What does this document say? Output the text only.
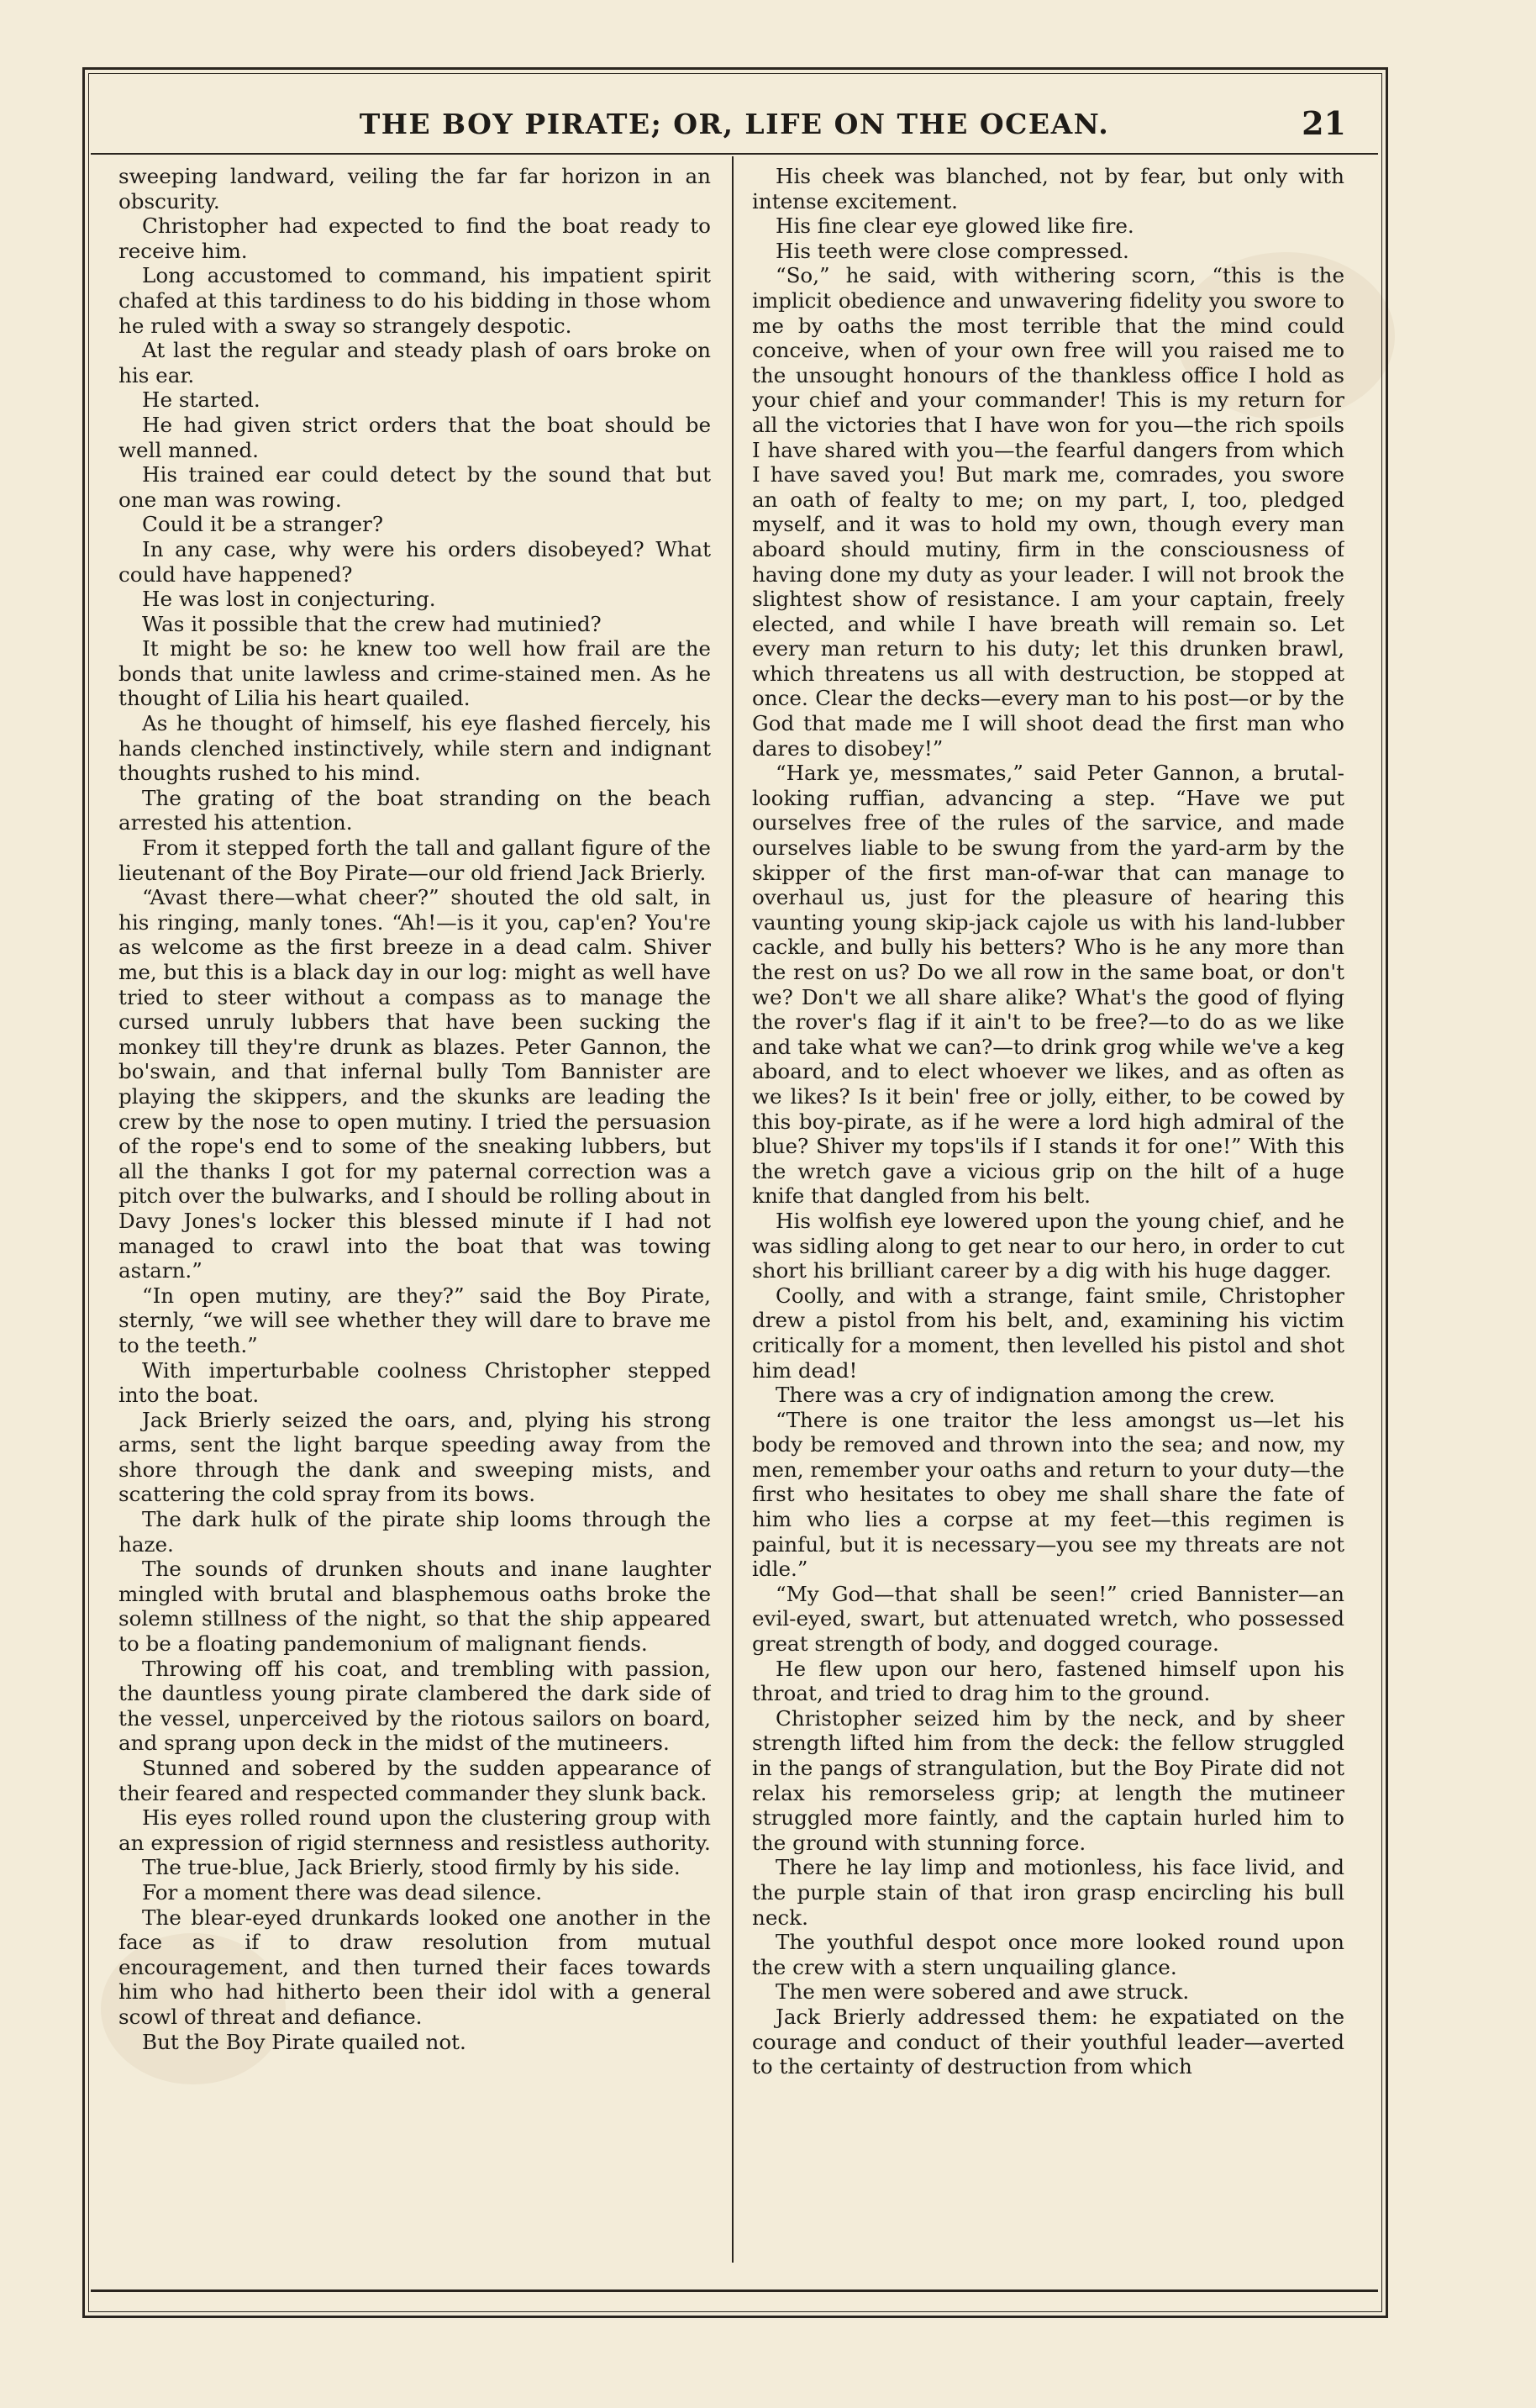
THE BOY PIRATE; OR, LIFE ON THE OCEAN.	21

sweeping landward, veiling the far far horizon in an obscurity.

Christopher had expected to find the boat ready to receive him.

Long accustomed to command, his impatient spirit chafed at this tardiness to do his bidding in those whom he ruled with a sway so strangely despotic.

At last the regular and steady plash of oars broke on his ear.

He started.

He had given strict orders that the boat should be well manned.

His trained ear could detect by the sound that but one man was rowing.

Could it be a stranger?

In any case, why were his orders disobeyed? What could have happened?

He was lost in conjecturing.

Was it possible that the crew had mutinied?

It might be so: he knew too well how frail are the bonds that unite lawless and crime-stained men. As he thought of Lilia his heart quailed.

As he thought of himself, his eye flashed fiercely, his hands clenched instinctively, while stern and indignant thoughts rushed to his mind.

The grating of the boat stranding on the beach arrested his attention.

From it stepped forth the tall and gallant figure of the lieutenant of the Boy Pirate—our old friend Jack Brierly.

“Avast there—what cheer?” shouted the old salt, in his ringing, manly tones. “Ah!—is it you, cap'en? You're as welcome as the first breeze in a dead calm. Shiver me, but this is a black day in our log: might as well have tried to steer without a compass as to manage the cursed unruly lubbers that have been sucking the monkey till they're drunk as blazes. Peter Gannon, the bo'swain, and that infernal bully Tom Bannister are playing the skippers, and the skunks are leading the crew by the nose to open mutiny. I tried the persuasion of the rope's end to some of the sneaking lubbers, but all the thanks I got for my paternal correction was a pitch over the bulwarks, and I should be rolling about in Davy Jones's locker this blessed minute if I had not managed to crawl into the boat that was towing astarn.”

“In open mutiny, are they?” said the Boy Pirate, sternly, “we will see whether they will dare to brave me to the teeth.”

With imperturbable coolness Christopher stepped into the boat.

Jack Brierly seized the oars, and, plying his strong arms, sent the light barque speeding away from the shore through the dank and sweeping mists, and scattering the cold spray from its bows.

The dark hulk of the pirate ship looms through the haze.

The sounds of drunken shouts and inane laughter mingled with brutal and blasphemous oaths broke the solemn stillness of the night, so that the ship appeared to be a floating pandemonium of malignant fiends.

Throwing off his coat, and trembling with passion, the dauntless young pirate clambered the dark side of the vessel, unperceived by the riotous sailors on board, and sprang upon deck in the midst of the mutineers.

Stunned and sobered by the sudden appearance of their feared and respected commander they slunk back.

His eyes rolled round upon the clustering group with an expression of rigid sternness and resistless authority.

The true-blue, Jack Brierly, stood firmly by his side.

For a moment there was dead silence.

The blear-eyed drunkards looked one another in the face as if to draw resolution from mutual encouragement, and then turned their faces towards him who had hitherto been their idol with a general scowl of threat and defiance.

But the Boy Pirate quailed not.

His cheek was blanched, not by fear, but only with intense excitement.

His fine clear eye glowed like fire.

His teeth were close compressed.

“So,” he said, with withering scorn, “this is the implicit obedience and unwavering fidelity you swore to me by oaths the most terrible that the mind could conceive, when of your own free will you raised me to the unsought honours of the thankless office I hold as your chief and your commander! This is my return for all the victories that I have won for you—the rich spoils I have shared with you—the fearful dangers from which I have saved you! But mark me, comrades, you swore an oath of fealty to me; on my part, I, too, pledged myself, and it was to hold my own, though every man aboard should mutiny, firm in the consciousness of having done my duty as your leader. I will not brook the slightest show of resistance. I am your captain, freely elected, and while I have breath will remain so. Let every man return to his duty; let this drunken brawl, which threatens us all with destruction, be stopped at once. Clear the decks—every man to his post—or by the God that made me I will shoot dead the first man who dares to disobey!”

“Hark ye, messmates,” said Peter Gannon, a brutal-looking ruffian, advancing a step. “Have we put ourselves free of the rules of the sarvice, and made ourselves liable to be swung from the yard-arm by the skipper of the first man-of-war that can manage to overhaul us, just for the pleasure of hearing this vaunting young skip-jack cajole us with his land-lubber cackle, and bully his betters? Who is he any more than the rest on us? Do we all row in the same boat, or don't we? Don't we all share alike? What's the good of flying the rover's flag if it ain't to be free?—to do as we like and take what we can?—to drink grog while we've a keg aboard, and to elect whoever we likes, and as often as we likes? Is it bein' free or jolly, either, to be cowed by this boy-pirate, as if he were a lord high admiral of the blue? Shiver my tops'ils if I stands it for one!” With this the wretch gave a vicious grip on the hilt of a huge knife that dangled from his belt.

His wolfish eye lowered upon the young chief, and he was sidling along to get near to our hero, in order to cut short his brilliant career by a dig with his huge dagger.

Coolly, and with a strange, faint smile, Christopher drew a pistol from his belt, and, examining his victim critically for a moment, then levelled his pistol and shot him dead!

There was a cry of indignation among the crew.

“There is one traitor the less amongst us—let his body be removed and thrown into the sea; and now, my men, remember your oaths and return to your duty—the first who hesitates to obey me shall share the fate of him who lies a corpse at my feet—this regimen is painful, but it is necessary—you see my threats are not idle.”

“My God—that shall be seen!” cried Bannister—an evil-eyed, swart, but attenuated wretch, who possessed great strength of body, and dogged courage.

He flew upon our hero, fastened himself upon his throat, and tried to drag him to the ground.

Christopher seized him by the neck, and by sheer strength lifted him from the deck: the fellow struggled in the pangs of strangulation, but the Boy Pirate did not relax his remorseless grip; at length the mutineer struggled more faintly, and the captain hurled him to the ground with stunning force.

There he lay limp and motionless, his face livid, and the purple stain of that iron grasp encircling his bull neck.

The youthful despot once more looked round upon the crew with a stern unquailing glance.

The men were sobered and awe struck.

Jack Brierly addressed them: he expatiated on the courage and conduct of their youthful leader—averted to the certainty of destruction from which
